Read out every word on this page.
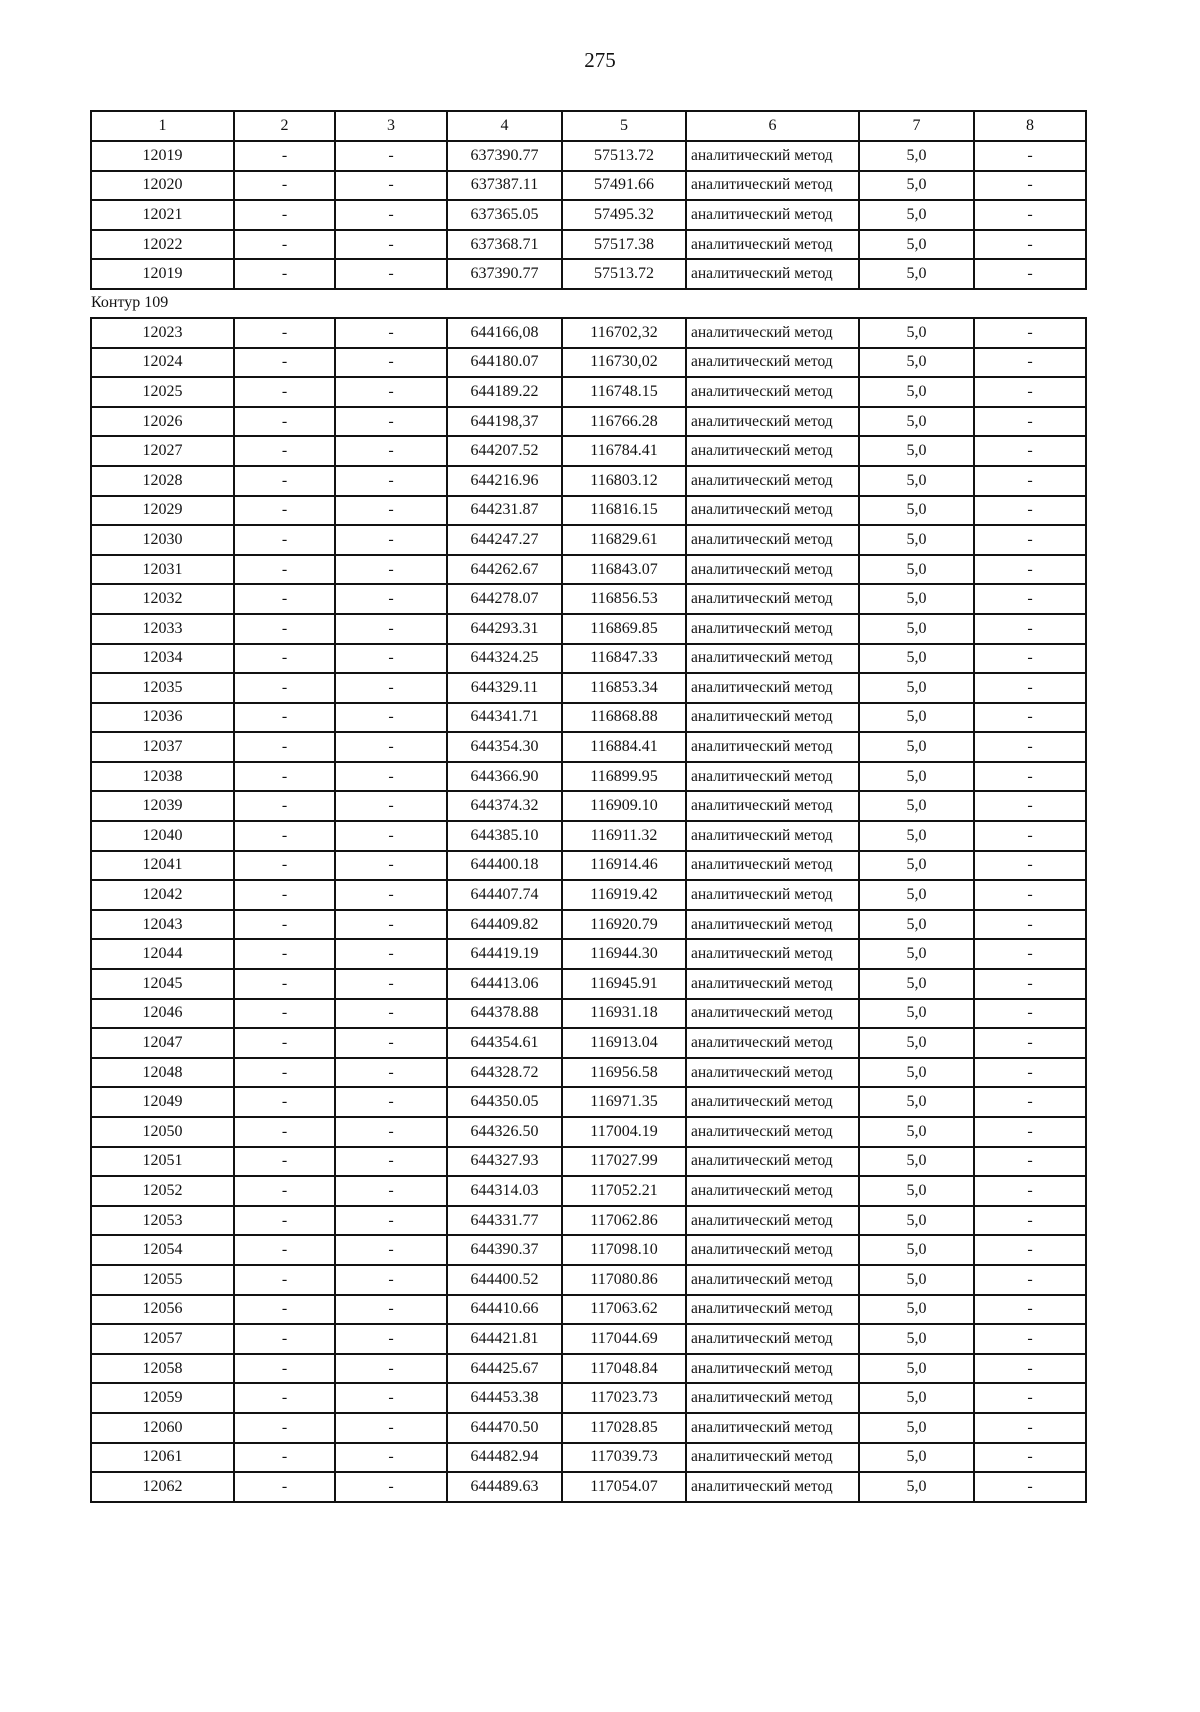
275
1	2	3	4	5	6	7	8
12019	-	-	637390.77	57513.72	аналитический метод	5,0	-
12020	-	-	637387.11	57491.66	аналитический метод	5,0	-
12021	-	-	637365.05	57495.32	аналитический метод	5,0	-
12022	-	-	637368.71	57517.38	аналитический метод	5,0	-
12019	-	-	637390.77	57513.72	аналитический метод	5,0	-
Контур 109							
12023	-	-	644166,08	116702,32	аналитический метод	5,0	-
12024	-	-	644180.07	116730,02	аналитический метод	5,0	-
12025	-	-	644189.22	116748.15	аналитический метод	5,0	-
12026	-	-	644198,37	116766.28	аналитический метод	5,0	-
12027	-	-	644207.52	116784.41	аналитический метод	5,0	-
12028	-	-	644216.96	116803.12	аналитический метод	5,0	-
12029	-	-	644231.87	116816.15	аналитический метод	5,0	-
12030	-	-	644247.27	116829.61	аналитический метод	5,0	-
12031	-	-	644262.67	116843.07	аналитический метод	5,0	-
12032	-	-	644278.07	116856.53	аналитический метод	5,0	-
12033	-	-	644293.31	116869.85	аналитический метод	5,0	-
12034	-	-	644324.25	116847.33	аналитический метод	5,0	-
12035	-	-	644329.11	116853.34	аналитический метод	5,0	-
12036	-	-	644341.71	116868.88	аналитический метод	5,0	-
12037	-	-	644354.30	116884.41	аналитический метод	5,0	-
12038	-	-	644366.90	116899.95	аналитический метод	5,0	-
12039	-	-	644374.32	116909.10	аналитический метод	5,0	-
12040	-	-	644385.10	116911.32	аналитический метод	5,0	-
12041	-	-	644400.18	116914.46	аналитический метод	5,0	-
12042	-	-	644407.74	116919.42	аналитический метод	5,0	-
12043	-	-	644409.82	116920.79	аналитический метод	5,0	-
12044	-	-	644419.19	116944.30	аналитический метод	5,0	-
12045	-	-	644413.06	116945.91	аналитический метод	5,0	-
12046	-	-	644378.88	116931.18	аналитический метод	5,0	-
12047	-	-	644354.61	116913.04	аналитический метод	5,0	-
12048	-	-	644328.72	116956.58	аналитический метод	5,0	-
12049	-	-	644350.05	116971.35	аналитический метод	5,0	-
12050	-	-	644326.50	117004.19	аналитический метод	5,0	-
12051	-	-	644327.93	117027.99	аналитический метод	5,0	-
12052	-	-	644314.03	117052.21	аналитический метод	5,0	-
12053	-	-	644331.77	117062.86	аналитический метод	5,0	-
12054	-	-	644390.37	117098.10	аналитический метод	5,0	-
12055	-	-	644400.52	117080.86	аналитический метод	5,0	-
12056	-	-	644410.66	117063.62	аналитический метод	5,0	-
12057	-	-	644421.81	117044.69	аналитический метод	5,0	-
12058	-	-	644425.67	117048.84	аналитический метод	5,0	-
12059	-	-	644453.38	117023.73	аналитический метод	5,0	-
12060	-	-	644470.50	117028.85	аналитический метод	5,0	-
12061	-	-	644482.94	117039.73	аналитический метод	5,0	-
12062	-	-	644489.63	117054.07	аналитический метод	5,0	-
